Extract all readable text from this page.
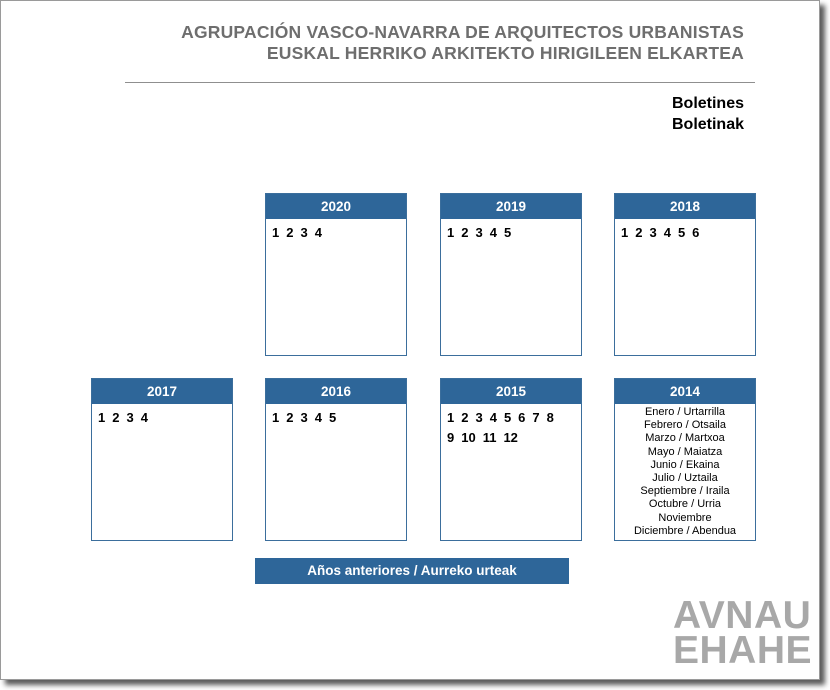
AGRUPACIÓN VASCO-NAVARRA DE ARQUITECTOS URBANISTAS
EUSKAL HERRIKO ARKITEKTO HIRIGILEEN ELKARTEA
Boletines
Boletinak
2020
1 2 3 4
2019
1 2 3 4 5
2018
1 2 3 4 5 6
2017
1 2 3 4
2016
1 2 3 4 5
2015
1 2 3 4 5 6 7 8
9 10 11 12
2014
Enero / Urtarrilla
Febrero / Otsaila
Marzo / Martxoa
Mayo / Maiatza
Junio / Ekaina
Julio / Uztaila
Septiembre / Iraila
Octubre / Urria
Noviembre
Diciembre / Abendua
Años anteriores / Aurreko urteak
AVNAU
EHAHE
